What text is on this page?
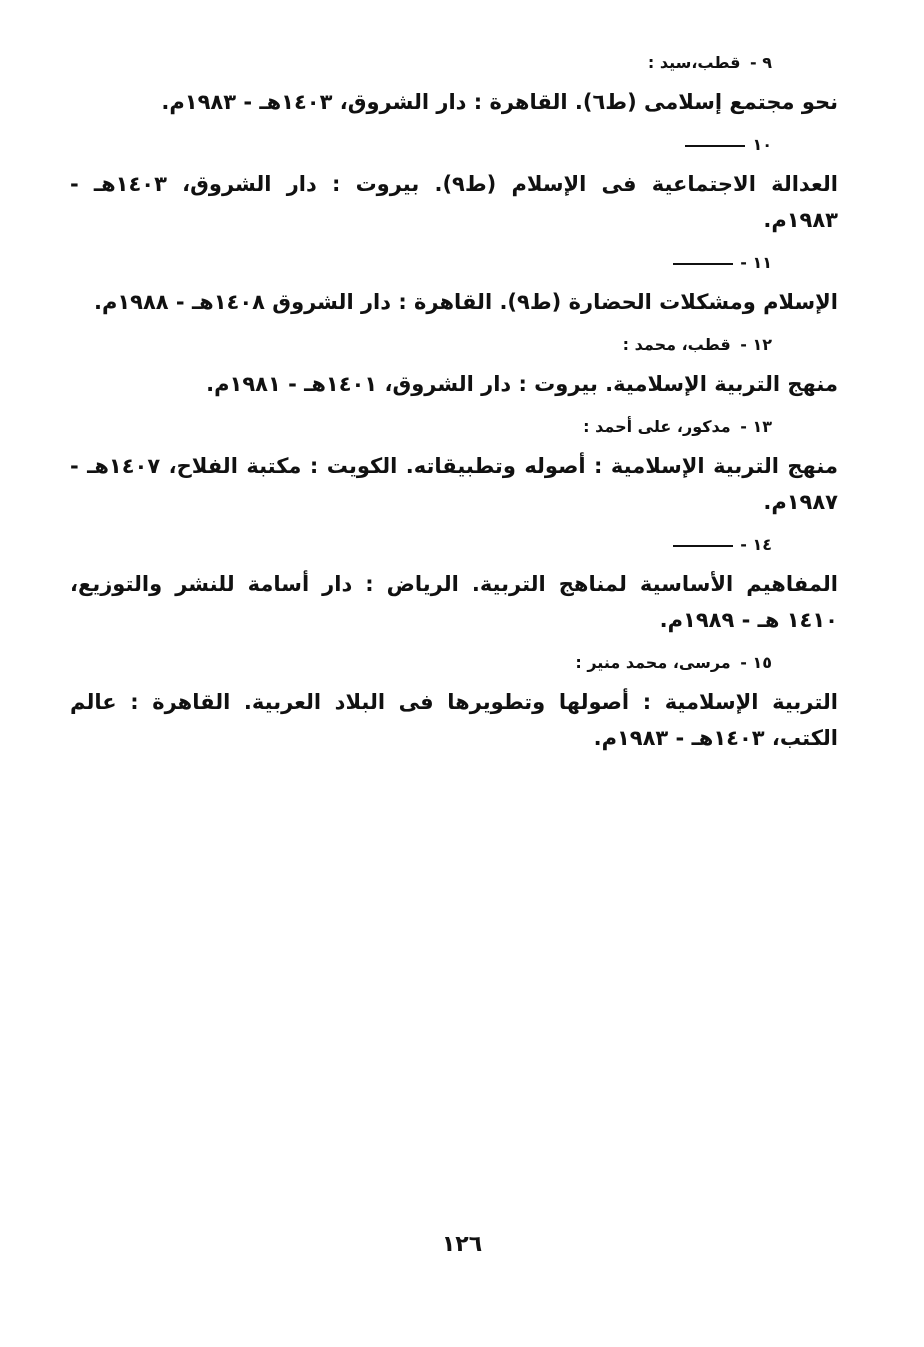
٩ - قطب،سيد :

نحو مجتمع إسلامى (ط٦). القاهرة : دار الشروق، ١٤٠٣هـ - ١٩٨٣م.

١٠

العدالة الاجتماعية فى الإسلام (ط٩). بيروت : دار الشروق، ١٤٠٣هـ - ١٩٨٣م.

١١ -

الإسلام ومشكلات الحضارة (ط٩). القاهرة : دار الشروق ١٤٠٨هـ - ١٩٨٨م.

١٢ - قطب، محمد :

منهج التربية الإسلامية. بيروت : دار الشروق، ١٤٠١هـ - ١٩٨١م.

١٣ - مدكور، على أحمد :

منهج التربية الإسلامية : أصوله وتطبيقاته. الكويت : مكتبة الفلاح، ١٤٠٧هـ - ١٩٨٧م.

١٤ -

المفاهيم الأساسية لمناهج التربية. الرياض : دار أسامة للنشر والتوزيع، ١٤١٠ هـ - ١٩٨٩م.

١٥ - مرسى، محمد منير :

التربية الإسلامية : أصولها وتطويرها فى البلاد العربية. القاهرة : عالم الكتب، ١٤٠٣هـ - ١٩٨٣م.

١٢٦
